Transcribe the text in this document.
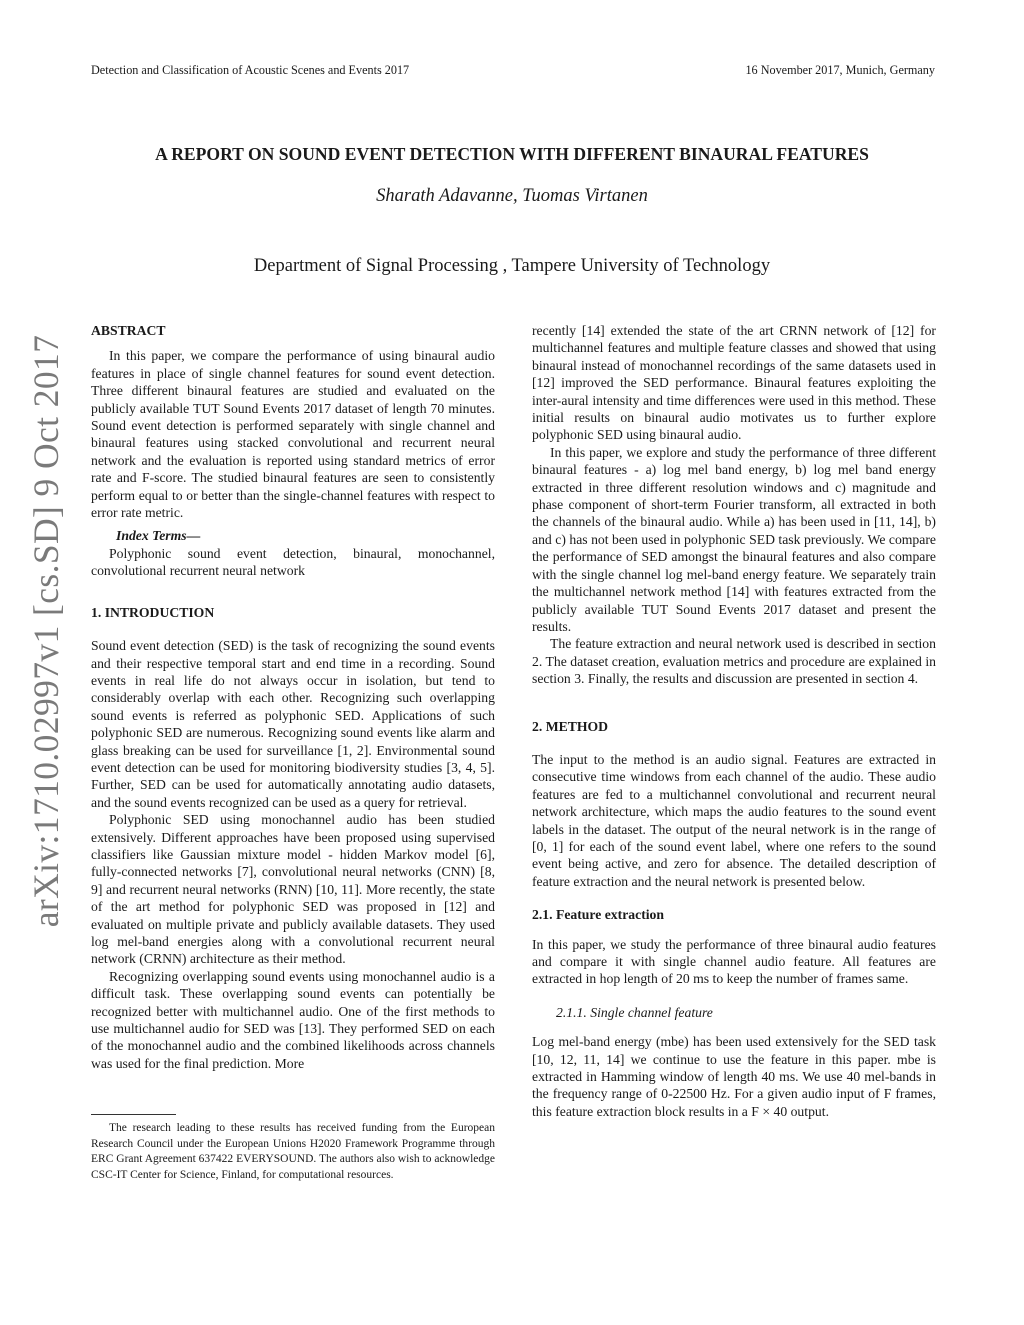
Detection and Classification of Acoustic Scenes and Events 2017	16 November 2017, Munich, Germany
arXiv:1710.02997v1 [cs.SD] 9 Oct 2017
A REPORT ON SOUND EVENT DETECTION WITH DIFFERENT BINAURAL FEATURES
Sharath Adavanne, Tuomas Virtanen
Department of Signal Processing , Tampere University of Technology

ABSTRACT

In this paper, we compare the performance of using binaural audio features in place of single channel features for sound event detection. Three different binaural features are studied and evaluated on the publicly available TUT Sound Events 2017 dataset of length 70 minutes. Sound event detection is performed separately with single channel and binaural features using stacked convolutional and recurrent neural network and the evaluation is reported using standard metrics of error rate and F-score. The studied binaural features are seen to consistently perform equal to or better than the single-channel features with respect to error rate metric.

Index Terms—

Polyphonic sound event detection, binaural, monochannel, convolutional recurrent neural network

1. INTRODUCTION

Sound event detection (SED) is the task of recognizing the sound events and their respective temporal start and end time in a recording. Sound events in real life do not always occur in isolation, but tend to considerably overlap with each other. Recognizing such overlapping sound events is referred as polyphonic SED. Applications of such polyphonic SED are numerous. Recognizing sound events like alarm and glass breaking can be used for surveillance [1, 2]. Environmental sound event detection can be used for monitoring biodiversity studies [3, 4, 5]. Further, SED can be used for automatically annotating audio datasets, and the sound events recognized can be used as a query for retrieval.

Polyphonic SED using monochannel audio has been studied extensively. Different approaches have been proposed using supervised classifiers like Gaussian mixture model - hidden Markov model [6], fully-connected networks [7], convolutional neural networks (CNN) [8, 9] and recurrent neural networks (RNN) [10, 11]. More recently, the state of the art method for polyphonic SED was proposed in [12] and evaluated on multiple private and publicly available datasets. They used log mel-band energies along with a convolutional recurrent neural network (CRNN) architecture as their method.

Recognizing overlapping sound events using monochannel audio is a difficult task. These overlapping sound events can potentially be recognized better with multichannel audio. One of the first methods to use multichannel audio for SED was [13]. They performed SED on each of the monochannel audio and the combined likelihoods across channels was used for the final prediction. More

The research leading to these results has received funding from the European Research Council under the European Unions H2020 Framework Programme through ERC Grant Agreement 637422 EVERYSOUND. The authors also wish to acknowledge CSC-IT Center for Science, Finland, for computational resources.

recently [14] extended the state of the art CRNN network of [12] for multichannel features and multiple feature classes and showed that using binaural instead of monochannel recordings of the same datasets used in [12] improved the SED performance. Binaural features exploiting the inter-aural intensity and time differences were used in this method. These initial results on binaural audio motivates us to further explore polyphonic SED using binaural audio.

In this paper, we explore and study the performance of three different binaural features - a) log mel band energy, b) log mel band energy extracted in three different resolution windows and c) magnitude and phase component of short-term Fourier transform, all extracted in both the channels of the binaural audio. While a) has been used in [11, 14], b) and c) has not been used in polyphonic SED task previously. We compare the performance of SED amongst the binaural features and also compare with the single channel log mel-band energy feature. We separately train the multichannel network method [14] with features extracted from the publicly available TUT Sound Events 2017 dataset and present the results.

The feature extraction and neural network used is described in section 2. The dataset creation, evaluation metrics and procedure are explained in section 3. Finally, the results and discussion are presented in section 4.

2. METHOD

The input to the method is an audio signal. Features are extracted in consecutive time windows from each channel of the audio. These audio features are fed to a multichannel convolutional and recurrent neural network architecture, which maps the audio features to the sound event labels in the dataset. The output of the neural network is in the range of [0, 1] for each of the sound event label, where one refers to the sound event being active, and zero for absence. The detailed description of feature extraction and the neural network is presented below.

2.1. Feature extraction

In this paper, we study the performance of three binaural audio features and compare it with single channel audio feature. All features are extracted in hop length of 20 ms to keep the number of frames same.

2.1.1. Single channel feature

Log mel-band energy (mbe) has been used extensively for the SED task [10, 12, 11, 14] we continue to use the feature in this paper. mbe is extracted in Hamming window of length 40 ms. We use 40 mel-bands in the frequency range of 0-22500 Hz. For a given audio input of F frames, this feature extraction block results in a F × 40 output.
